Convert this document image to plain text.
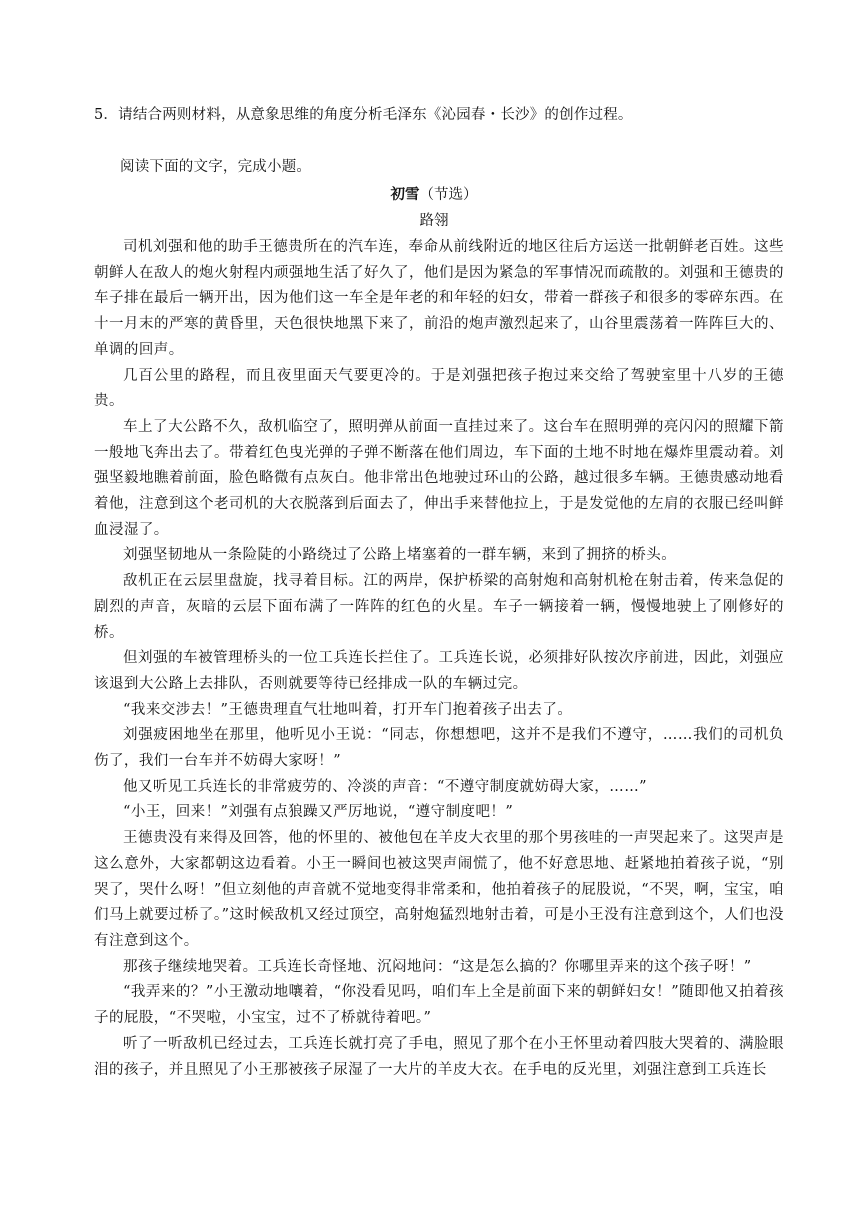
5．请结合两则材料，从意象思维的角度分析毛泽东《沁园春・长沙》的创作过程。
阅读下面的文字，完成小题。
初雪（节选）
路翎

司机刘强和他的助手王德贵所在的汽车连，奉命从前线附近的地区往后方运送一批朝鲜老百姓。这些朝鲜人在敌人的炮火射程内顽强地生活了好久了，他们是因为紧急的军事情况而疏散的。刘强和王德贵的车子排在最后一辆开出，因为他们这一车全是年老的和年轻的妇女，带着一群孩子和很多的零碎东西。在十一月末的严寒的黄昏里，天色很快地黑下来了，前沿的炮声激烈起来了，山谷里震荡着一阵阵巨大的、单调的回声。

几百公里的路程，而且夜里面天气要更冷的。于是刘强把孩子抱过来交给了驾驶室里十八岁的王德贵。

车上了大公路不久，敌机临空了，照明弹从前面一直挂过来了。这台车在照明弹的亮闪闪的照耀下箭一般地飞奔出去了。带着红色曳光弹的子弹不断落在他们周边，车下面的土地不时地在爆炸里震动着。刘强坚毅地瞧着前面，脸色略微有点灰白。他非常出色地驶过环山的公路，越过很多车辆。王德贵感动地看着他，注意到这个老司机的大衣脱落到后面去了，伸出手来替他拉上，于是发觉他的左肩的衣服已经叫鲜血浸湿了。

刘强坚韧地从一条险陡的小路绕过了公路上堵塞着的一群车辆，来到了拥挤的桥头。

敌机正在云层里盘旋，找寻着目标。江的两岸，保护桥梁的高射炮和高射机枪在射击着，传来急促的剧烈的声音，灰暗的云层下面布满了一阵阵的红色的火星。车子一辆接着一辆，慢慢地驶上了刚修好的桥。

但刘强的车被管理桥头的一位工兵连长拦住了。工兵连长说，必须排好队按次序前进，因此，刘强应该退到大公路上去排队，否则就要等待已经排成一队的车辆过完。

“我来交涉去！”王德贵理直气壮地叫着，打开车门抱着孩子出去了。

刘强疲困地坐在那里，他听见小王说：“同志，你想想吧，这并不是我们不遵守，……我们的司机负伤了，我们一台车并不妨碍大家呀！”

他又听见工兵连长的非常疲劳的、冷淡的声音：“不遵守制度就妨碍大家，……”

“小王，回来！”刘强有点狼躁又严厉地说，“遵守制度吧！”

王德贵没有来得及回答，他的怀里的、被他包在羊皮大衣里的那个男孩哇的一声哭起来了。这哭声是这么意外，大家都朝这边看着。小王一瞬间也被这哭声闹慌了，他不好意思地、赶紧地拍着孩子说，“别哭了，哭什么呀！”但立刻他的声音就不觉地变得非常柔和，他拍着孩子的屁股说，“不哭，啊，宝宝，咱们马上就要过桥了。”这时候敌机又经过顶空，高射炮猛烈地射击着，可是小王没有注意到这个，人们也没有注意到这个。

那孩子继续地哭着。工兵连长奇怪地、沉闷地问：“这是怎么搞的？你哪里弄来的这个孩子呀！”

“我弄来的？”小王激动地嚷着，“你没看见吗，咱们车上全是前面下来的朝鲜妇女！”随即他又拍着孩子的屁股，“不哭啦，小宝宝，过不了桥就待着吧。”

听了一听敌机已经过去，工兵连长就打亮了手电，照见了那个在小王怀里动着四肢大哭着的、满脸眼泪的孩子，并且照见了小王那被孩子尿湿了一大片的羊皮大衣。在手电的反光里，刘强注意到工兵连长
